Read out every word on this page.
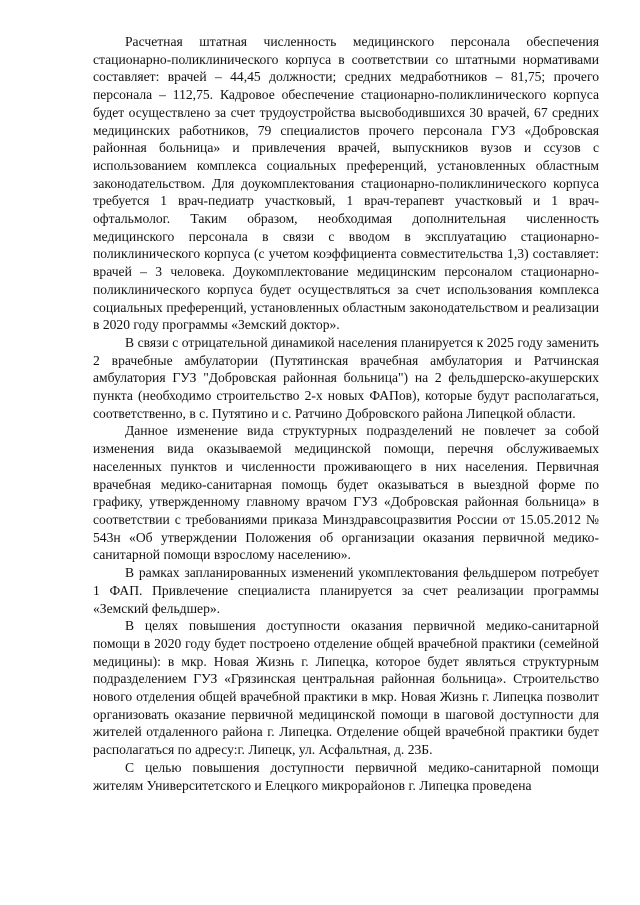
Расчетная штатная численность медицинского персонала обеспечения стационарно-поликлинического корпуса в соответствии со штатными нормативами составляет: врачей – 44,45 должности; средних медработников – 81,75; прочего персонала – 112,75. Кадровое обеспечение стационарно-поликлинического корпуса будет осуществлено за счет трудоустройства высвободившихся 30 врачей, 67 средних медицинских работников, 79 специалистов прочего персонала ГУЗ «Добровская районная больница» и привлечения врачей, выпускников вузов и ссузов с использованием комплекса социальных преференций, установленных областным законодательством. Для доукомплектования стационарно-поликлинического корпуса требуется 1 врач-педиатр участковый, 1 врач-терапевт участковый и 1 врач-офтальмолог. Таким образом, необходимая дополнительная численность медицинского персонала в связи с вводом в эксплуатацию стационарно-поликлинического корпуса (с учетом коэффициента совместительства 1,3) составляет: врачей – 3 человека. Доукомплектование медицинским персоналом стационарно-поликлинического корпуса будет осуществляться за счет использования комплекса социальных преференций, установленных областным законодательством и реализации в 2020 году программы «Земский доктор».

В связи с отрицательной динамикой населения планируется к 2025 году заменить 2 врачебные амбулатории (Путятинская врачебная амбулатория и Ратчинская амбулатория ГУЗ "Добровская районная больница") на 2 фельдшерско-акушерских пункта (необходимо строительство 2-х новых ФАПов), которые будут располагаться, соответственно, в с. Путятино и с. Ратчино Добровского района Липецкой области.

Данное изменение вида структурных подразделений не повлечет за собой изменения вида оказываемой медицинской помощи, перечня обслуживаемых населенных пунктов и численности проживающего в них населения. Первичная врачебная медико-санитарная помощь будет оказываться в выездной форме по графику, утвержденному главному врачом ГУЗ «Добровская районная больница» в соответствии с требованиями приказа Минздравсоцразвития России от 15.05.2012 № 543н «Об утверждении Положения об организации оказания первичной медико-санитарной помощи взрослому населению».

В рамках запланированных изменений укомплектования фельдшером потребует 1 ФАП. Привлечение специалиста планируется за счет реализации программы «Земский фельдшер».

В целях повышения доступности оказания первичной медико-санитарной помощи в 2020 году будет построено отделение общей врачебной практики (семейной медицины): в мкр. Новая Жизнь г. Липецка, которое будет являться структурным подразделением ГУЗ «Грязинская центральная районная больница». Строительство нового отделения общей врачебной практики в мкр. Новая Жизнь г. Липецка позволит организовать оказание первичной медицинской помощи в шаговой доступности для жителей отдаленного района г. Липецка. Отделение общей врачебной практики будет располагаться по адресу:г. Липецк, ул. Асфальтная, д. 23Б.

С целью повышения доступности первичной медико-санитарной помощи жителям Университетского и Елецкого микрорайонов г. Липецка проведена
